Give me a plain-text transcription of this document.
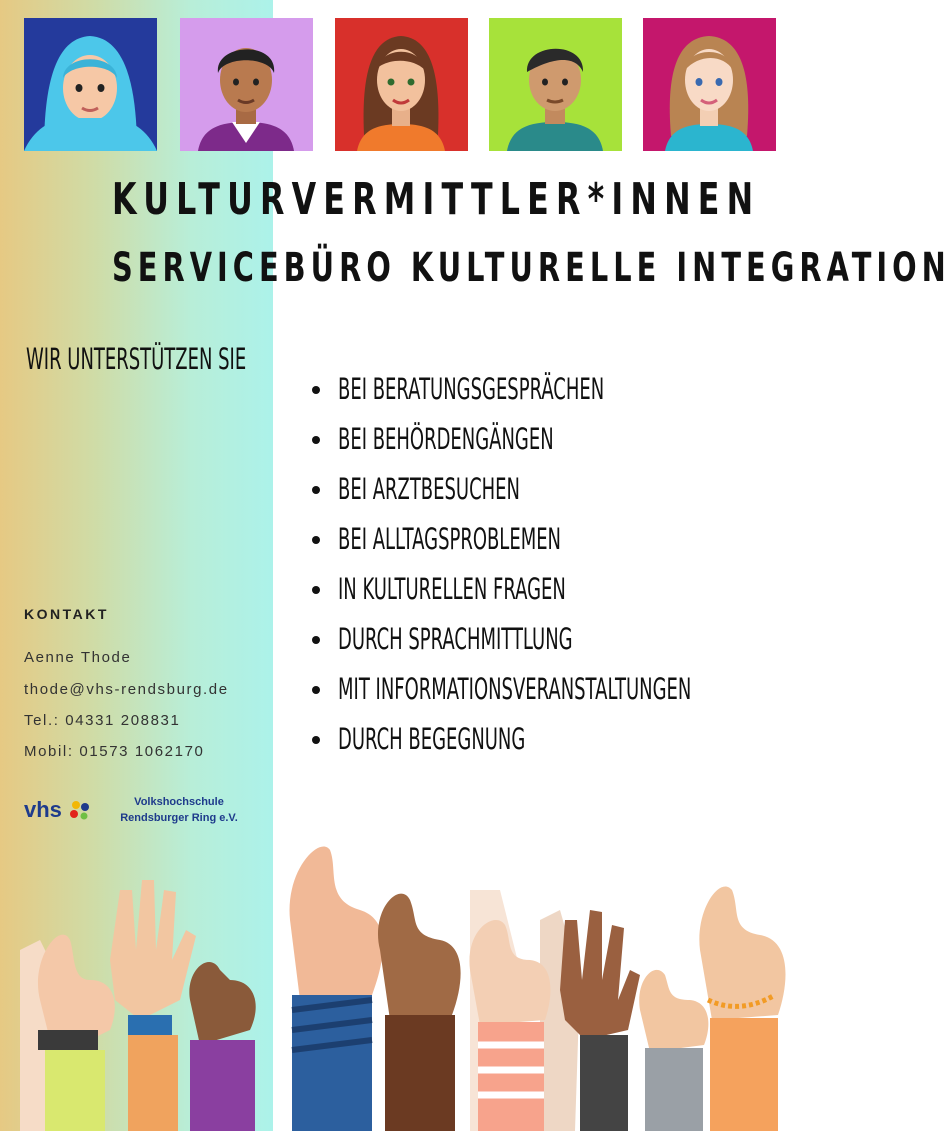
KULTURVERMITTLER*INNEN
SERVICEBÜRO KULTURELLE INTEGRATION
WIR UNTERSTÜTZEN SIE
BEI BERATUNGSGESPRÄCHEN
BEI BEHÖRDENGÄNGEN
BEI ARZTBESUCHEN
BEI ALLTAGSPROBLEMEN
IN KULTURELLEN FRAGEN
DURCH SPRACHMITTLUNG
MIT INFORMATIONSVERANSTALTUNGEN
DURCH BEGEGNUNG
KONTAKT
Aenne Thode
thode@vhs-rendsburg.de
Tel.: 04331 208831
Mobil: 01573 1062170
vhs	Volkshochschule
Rendsburger Ring e.V.
